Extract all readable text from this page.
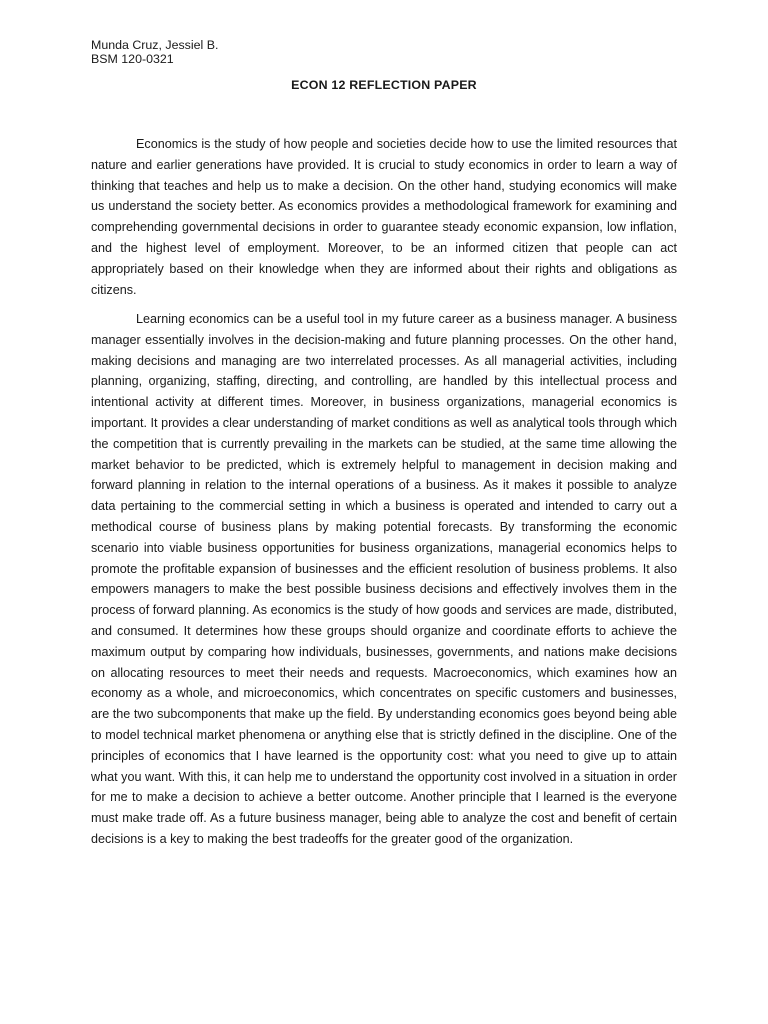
Munda Cruz, Jessiel B.
BSM 120-0321
ECON 12 REFLECTION PAPER

Economics is the study of how people and societies decide how to use the limited resources that nature and earlier generations have provided. It is crucial to study economics in order to learn a way of thinking that teaches and help us to make a decision. On the other hand, studying economics will make us understand the society better. As economics provides a methodological framework for examining and comprehending governmental decisions in order to guarantee steady economic expansion, low inflation, and the highest level of employment. Moreover, to be an informed citizen that people can act appropriately based on their knowledge when they are informed about their rights and obligations as citizens.

Learning economics can be a useful tool in my future career as a business manager. A business manager essentially involves in the decision-making and future planning processes. On the other hand, making decisions and managing are two interrelated processes. As all managerial activities, including planning, organizing, staffing, directing, and controlling, are handled by this intellectual process and intentional activity at different times. Moreover, in business organizations, managerial economics is important. It provides a clear understanding of market conditions as well as analytical tools through which the competition that is currently prevailing in the markets can be studied, at the same time allowing the market behavior to be predicted, which is extremely helpful to management in decision making and forward planning in relation to the internal operations of a business. As it makes it possible to analyze data pertaining to the commercial setting in which a business is operated and intended to carry out a methodical course of business plans by making potential forecasts. By transforming the economic scenario into viable business opportunities for business organizations, managerial economics helps to promote the profitable expansion of businesses and the efficient resolution of business problems. It also empowers managers to make the best possible business decisions and effectively involves them in the process of forward planning. As economics is the study of how goods and services are made, distributed, and consumed. It determines how these groups should organize and coordinate efforts to achieve the maximum output by comparing how individuals, businesses, governments, and nations make decisions on allocating resources to meet their needs and requests. Macroeconomics, which examines how an economy as a whole, and microeconomics, which concentrates on specific customers and businesses, are the two subcomponents that make up the field. By understanding economics goes beyond being able to model technical market phenomena or anything else that is strictly defined in the discipline. One of the principles of economics that I have learned is the opportunity cost: what you need to give up to attain what you want. With this, it can help me to understand the opportunity cost involved in a situation in order for me to make a decision to achieve a better outcome. Another principle that I learned is the everyone must make trade off. As a future business manager, being able to analyze the cost and benefit of certain decisions is a key to making the best tradeoffs for the greater good of the organization.
